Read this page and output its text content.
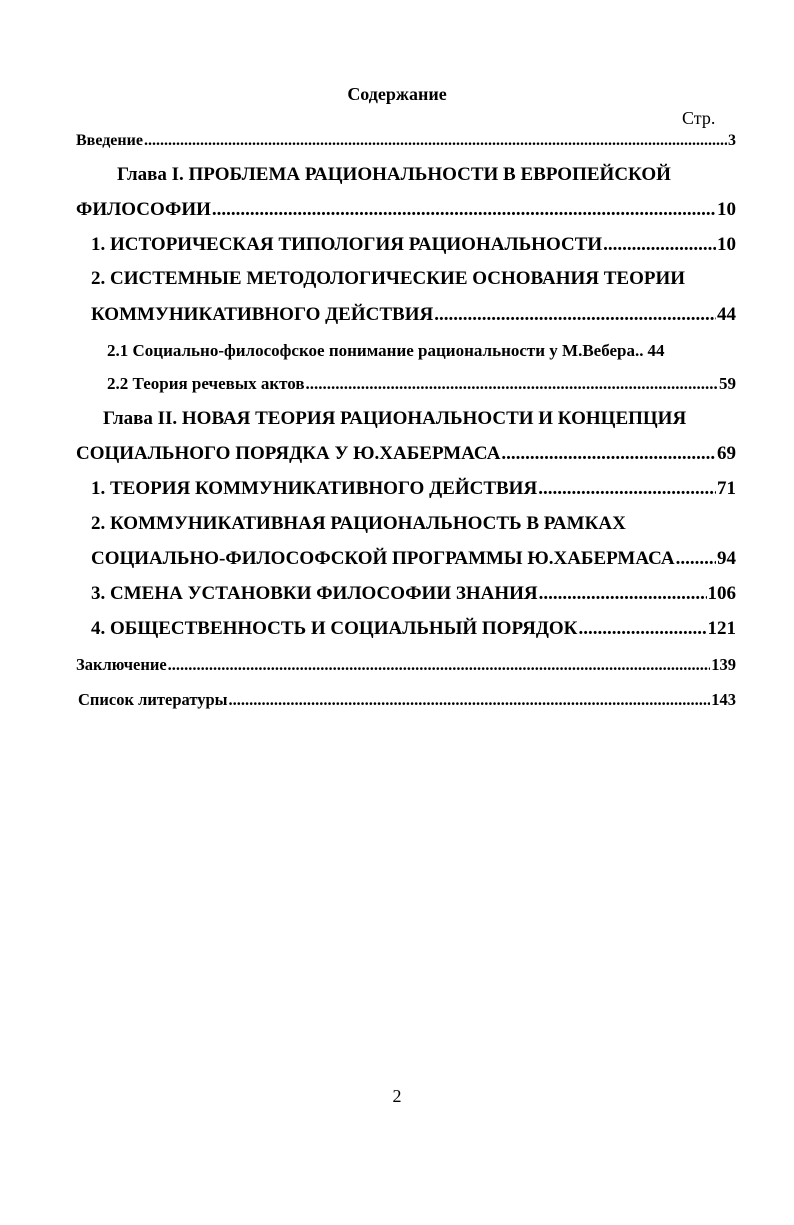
Содержание
Стр.
Введение .....	3
Глава I. ПРОБЛЕМА РАЦИОНАЛЬНОСТИ В ЕВРОПЕЙСКОЙ
ФИЛОСОФИИ .....	10
1. ИСТОРИЧЕСКАЯ ТИПОЛОГИЯ РАЦИОНАЛЬНОСТИ .....	10
2. СИСТЕМНЫЕ МЕТОДОЛОГИЧЕСКИЕ ОСНОВАНИЯ ТЕОРИИ
КОММУНИКАТИВНОГО ДЕЙСТВИЯ .....	44
2.1 Социально-философское понимание рациональности у М.Вебера.. 44
2.2 Теория речевых актов .....	59
Глава II. НОВАЯ ТЕОРИЯ РАЦИОНАЛЬНОСТИ И КОНЦЕПЦИЯ
СОЦИАЛЬНОГО ПОРЯДКА У Ю.ХАБЕРМАСА .....	69
1. ТЕОРИЯ КОММУНИКАТИВНОГО ДЕЙСТВИЯ .....	71
2. КОММУНИКАТИВНАЯ РАЦИОНАЛЬНОСТЬ В РАМКАХ
СОЦИАЛЬНО-ФИЛОСОФСКОЙ ПРОГРАММЫ Ю.ХАБЕРМАСА ..... 94
3. СМЕНА УСТАНОВКИ ФИЛОСОФИИ ЗНАНИЯ .....	106
4. ОБЩЕСТВЕННОСТЬ И СОЦИАЛЬНЫЙ ПОРЯДОК .....	121
Заключение .....	139
Список литературы .....	143
2
